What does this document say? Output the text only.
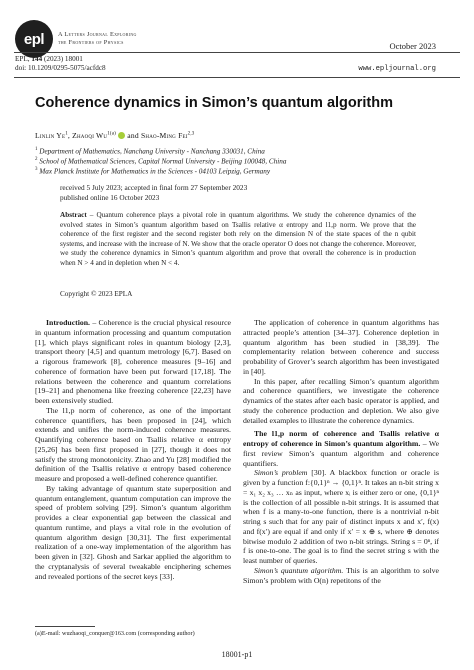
epl A Letters Journal Exploring
the Frontiers of Physics	October 2023
EPL, 144 (2023) 18001
doi: 10.1209/0295-5075/acfdc8	www.epljournal.org
Coherence dynamics in Simon’s quantum algorithm
Linlin Ye$^1$, Zhaoqi $Wu^{1(a)}$ and Shao-Ming Fei$^{2,3}$
$^1$ Department of Mathematics, Nanchang University - Nanchang 330031, China
$^2$ School of Mathematical Sciences, Capital Normal University - Beijing 100048, China
$^3$ Max Planck Institute for Mathematics in the Sciences - 04103 Leipzig, Germany
received 5 July 2023; accepted in final form 27 September 2023
published online 16 October 2023
Abstract – Quantum coherence plays a pivotal role in quantum algorithms. We study the coherence dynamics of the evolved states in Simon’s quantum algorithm based on Tsallis relative α entropy and l1,p norm. We prove that the coherence of the first register and the second register both rely on the dimension N of the state spaces of the n qubit systems, and increase with the increase of N. We show that the oracle operator O does not change the coherence. Moreover, we study the coherence dynamics in Simon’s quantum algorithm and prove that overall the coherence is in production when N > 4 and in depletion when N < 4.
Copyright © 2023 EPLA

Introduction. – Coherence is the crucial physical resource in quantum information processing and quantum computation [1], which plays significant roles in quantum biology [2,3], transport theory [4,5] and quantum metrology [6,7]. Based on a rigorous framework [8], coherence measures [9–16] and coherence of formation have been put forward [17,18]. The relations between the coherence and quantum correlations [19–21] and phenomena like freezing coherence [22,23] have been extensively studied.

The l1,p norm of coherence, as one of the important coherence quantifiers, has been proposed in [24], which extends and unifies the norm-induced coherence measures. Quantifying coherence based on Tsallis relative α entropy [25,26] has been first proposed in [27], though it does not satisfy the strong monotonicity. Zhao and Yu [28] modified the definition of the Tsallis relative α entropy based coherence measure and proposed a well-defined coherence quantifier.

By taking advantage of quantum state superposition and quantum entanglement, quantum computation can improve the speed of problem solving [29]. Simon’s quantum algorithm provides a clear exponential gap between the classical and quantum runtime, and plays a vital role in the evolution of quantum algorithm design [30,31]. The first experimental realization of a one-way implementation of the algorithm has been given in [32]. Ghosh and Sarkar applied the algorithm to the cryptanalysis of several tweakable enciphering schemes and revealed portions of the secret keys [33].

The application of coherence in quantum algorithms has attracted people’s attention [34–37]. Coherence depletion in quantum algorithm has been studied in [38,39]. The complementarity relation between coherence and success probability of Grover’s search algorithm has been investigated in [40].

In this paper, after recalling Simon’s quantum algorithm and coherence quantifiers, we investigate the coherence dynamics of the states after each basic operator is applied, and study the coherence production and depletion. We also give detailed examples to illustrate the coherence dynamics.

The l1,p norm of coherence and Tsallis relative α entropy of coherence in Simon’s quantum algorithm. – We first review Simon’s quantum algorithm and coherence quantifiers.

Simon’s problem [30]. A blackbox function or oracle is given by a function f:{0,1}ⁿ → {0,1}ⁿ. It takes an n-bit string x = x₁ x₂ x₃ … xₙ as input, where xᵢ is either zero or one, {0,1}ⁿ is the collection of all possible n-bit strings. It is assumed that when f is a many-to-one function, there is a nontrivial n-bit string s such that for any pair of distinct inputs x and x′, f(x) and f(x′) are equal if and only if x′ = x ⊕ s, where ⊕ denotes bitwise modulo 2 addition of two n-bit strings. String s = 0ⁿ, if f is one-to-one. The goal is to find the secret string s with the least number of queries.

Simon’s quantum algorithm. This is an algorithm to solve Simon’s problem with O(n) repetitons of the

(a)E-mail: wuzhaoqi_conquer@163.com (corresponding author)
18001-p1
